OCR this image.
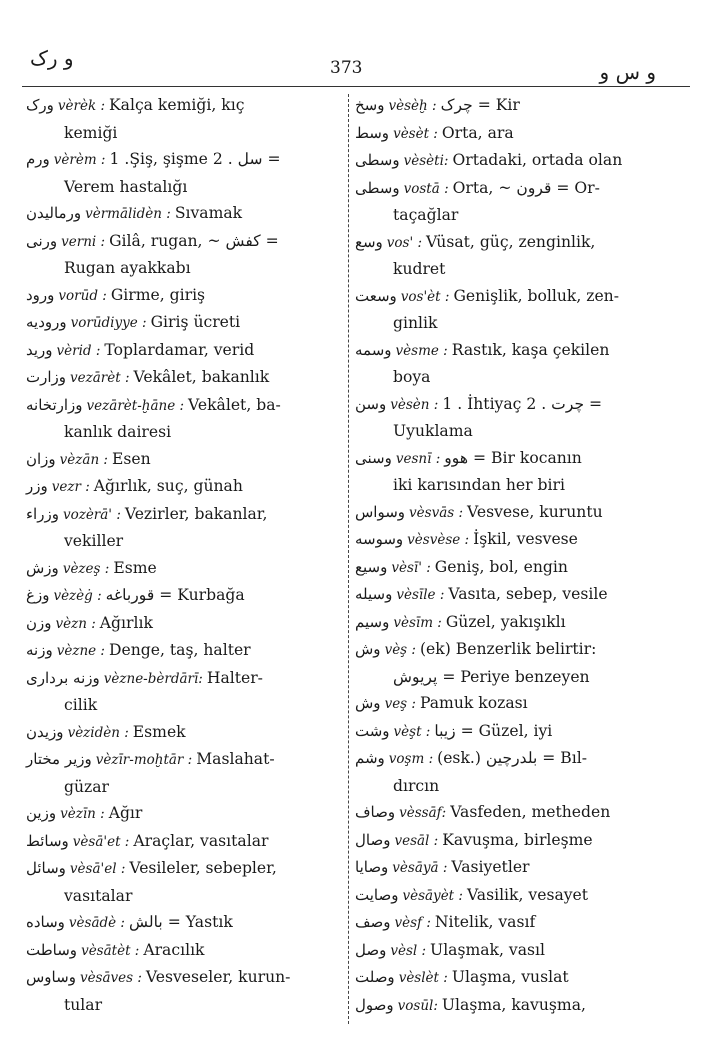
و رک	373	و س و
ورک vèrèk : Kalça kemiği, kıç
kemiği
ورم vèrèm : 1 .Şiş, şişme 2 . سل =
Verem hastalığı
ورمالیدن vèrmālidèn : Sıvamak
ورنی verni : Gilâ, rugan, ~ کفش =
Rugan ayakkabı
ورود vorūd : Girme, giriş
ورودیه vorūdiyye : Giriş ücreti
ورید vèrid : Toplardamar, verid
وزارت vezārèt : Vekâlet, bakanlık
وزارتخانه vezārèt-ḫāne : Vekâlet, ba-
kanlık dairesi
وزان vèzān : Esen
وزر vezr : Ağırlık, suç, günah
وزراء vozèrā' : Vezirler, bakanlar,
vekiller
وزش vèzeş : Esme
وزغ vèzèġ : قورباغه = Kurbağa
وزن vèzn : Ağırlık
وزنه vèzne : Denge, taş, halter
وزنه برداری vèzne-bèrdārī: Halter-
cilik
وزیدن vèzidèn : Esmek
وزیر مختار vèzīr-moḫtār : Maslahat-
güzar
وزین vèzīn : Ağır
وسائط vèsā'et : Araçlar, vasıtalar
وسائل vèsā'el : Vesileler, sebepler,
vasıtalar
وساده vèsādè : بالش = Yastık
وساطت vèsātèt : Aracılık
وساوس vèsāves : Vesveseler, kurun-
tular
وسخ vèsèḫ : چرک = Kir
وسط vèsèt : Orta, ara
وسطی vèsèti: Ortadaki, ortada olan
وسطی vostā : Orta, ~ قرون = Or-
taçağlar
وسع vos' : Vüsat, güç, zenginlik,
kudret
وسعت vos'èt : Genişlik, bolluk, zen-
ginlik
وسمه vèsme : Rastık, kaşa çekilen
boya
وسن vèsèn : 1 . İhtiyaç 2 . چرت =
Uyuklama
وسنی vesnī : هوو = Bir kocanın
iki karısından her biri
وسواس vèsvās : Vesvese, kuruntu
وسوسه vèsvèse : İşkil, vesvese
وسیع vèsī' : Geniş, bol, engin
وسیله vèsīle : Vasıta, sebep, vesile
وسیم vèsīm : Güzel, yakışıklı
وش vèş : (ek) Benzerlik belirtir:
پریوش = Periye benzeyen
وش veş : Pamuk kozası
وشت vèşt : زیبا = Güzel, iyi
وشم voşm : (esk.) بلدرچین = Bıl-
dırcın
وصاف vèssāf: Vasfeden, metheden
وصال vesāl : Kavuşma, birleşme
وصایا vèsāyā : Vasiyetler
وصایت vèsāyèt : Vasilik, vesayet
وصف vèsf : Nitelik, vasıf
وصل vèsl : Ulaşmak, vasıl
وصلت vèslèt : Ulaşma, vuslat
وصول vosūl: Ulaşma, kavuşma,
